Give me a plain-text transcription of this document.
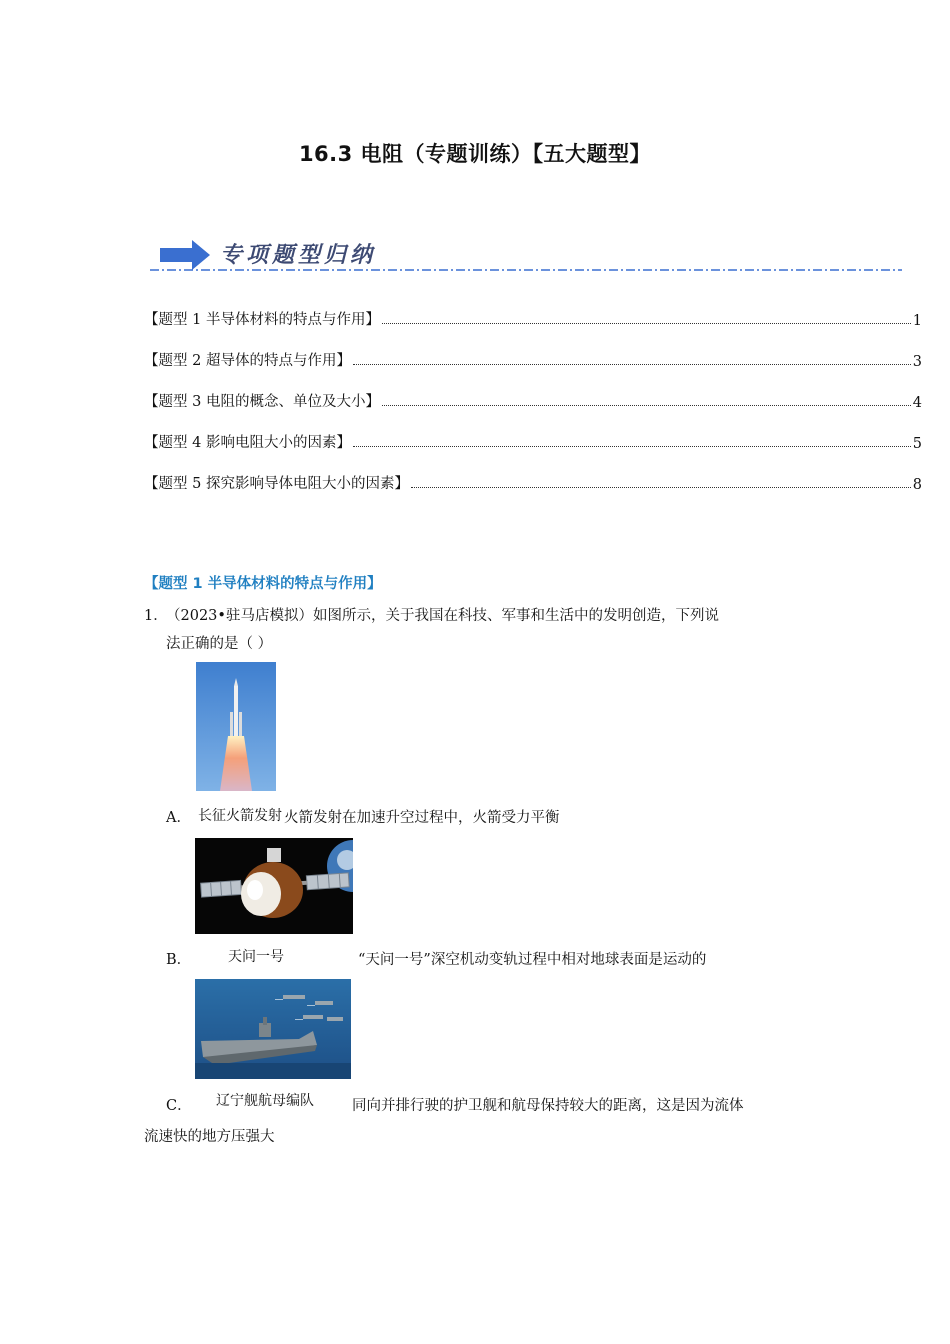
16.3 电阻（专题训练）【五大题型】
专项题型归纳
【题型 1 半导体材料的特点与作用】	1
【题型 2 超导体的特点与作用】	3
【题型 3 电阻的概念、单位及大小】	4
【题型 4 影响电阻大小的因素】	5
【题型 5 探究影响导体电阻大小的因素】	8
【题型 1 半导体材料的特点与作用】
1．（2023•驻马店模拟）如图所示，关于我国在科技、军事和生活中的发明创造，下列说
法正确的是（ ）
A． 长征火箭发射 火箭发射在加速升空过程中，火箭受力平衡
B．	天问一号	“天问一号”深空机动变轨过程中相对地球表面是运动的
C． 辽宁舰航母编队	同向并排行驶的护卫舰和航母保持较大的距离，这是因为流体
流速快的地方压强大
